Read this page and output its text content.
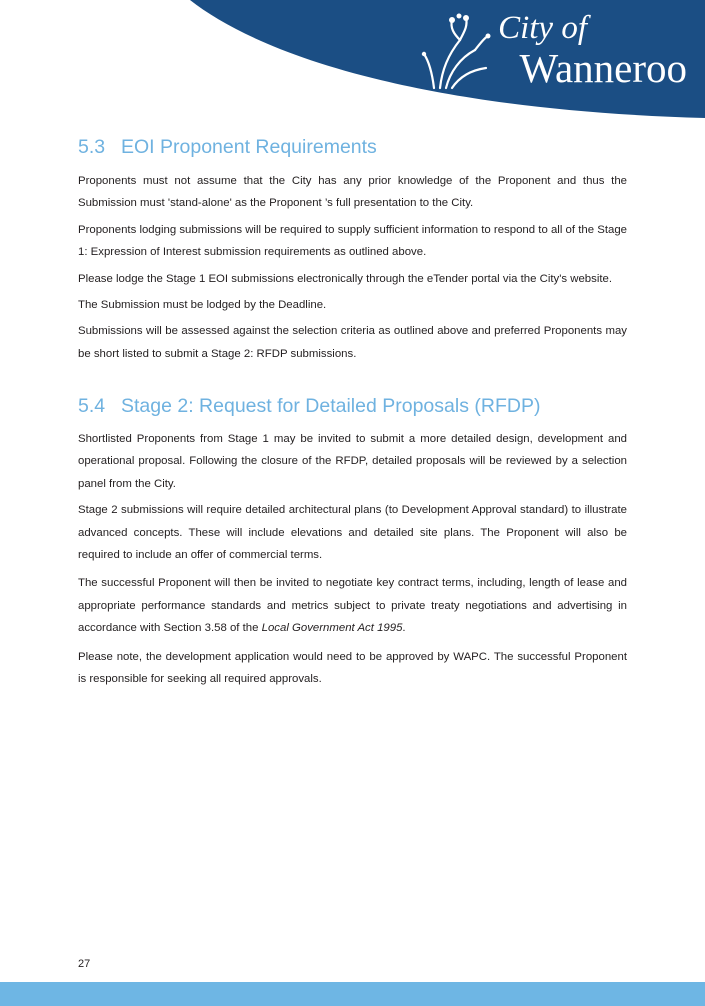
City of
Wanneroo
5.3 EOI Proponent Requirements

Proponents must not assume that the City has any prior knowledge of the Proponent and thus the Submission must 'stand-alone' as the Proponent ’s full presentation to the City.

Proponents lodging submissions will be required to supply sufficient information to respond to all of the Stage 1: Expression of Interest submission requirements as outlined above.

Please lodge the Stage 1 EOI submissions electronically through the eTender portal via the City's website.

The Submission must be lodged by the Deadline.

Submissions will be assessed against the selection criteria as outlined above and preferred Proponents may be short listed to submit a Stage 2: RFDP submissions.

5.4 Stage 2: Request for Detailed Proposals (RFDP)

Shortlisted Proponents from Stage 1 may be invited to submit a more detailed design, development and operational proposal. Following the closure of the RFDP, detailed proposals will be reviewed by a selection panel from the City.

Stage 2 submissions will require detailed architectural plans (to Development Approval standard) to illustrate advanced concepts. These will include elevations and detailed site plans. The Proponent will also be required to include an offer of commercial terms.

The successful Proponent will then be invited to negotiate key contract terms, including, length of lease and appropriate performance standards and metrics subject to private treaty negotiations and advertising in accordance with Section 3.58 of the Local Government Act 1995.

Please note, the development application would need to be approved by WAPC. The successful Proponent is responsible for seeking all required approvals.

27
